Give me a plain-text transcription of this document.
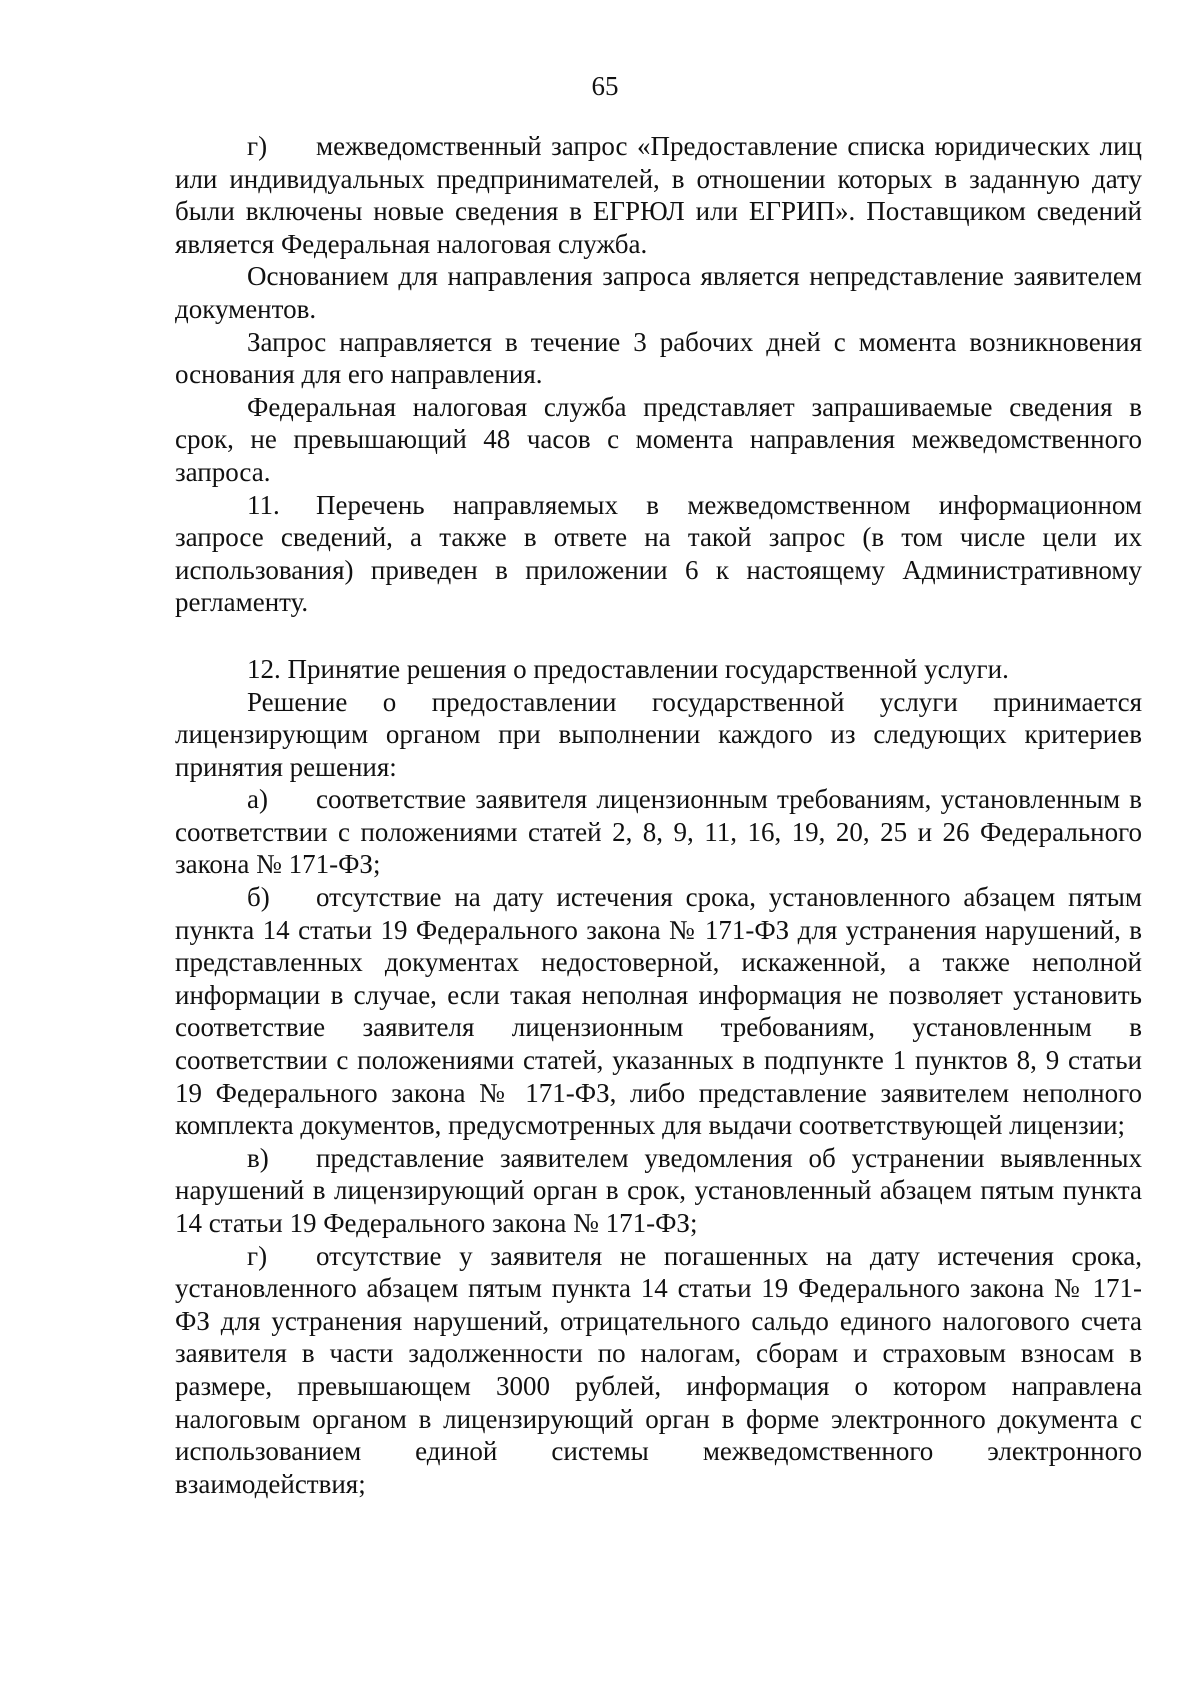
65

г) межведомственный запрос «Предоставление списка юридических лиц или индивидуальных предпринимателей, в отношении которых в заданную дату были включены новые сведения в ЕГРЮЛ или ЕГРИП». Поставщиком сведений является Федеральная налоговая служба.

Основанием для направления запроса является непредставление заявителем документов.

Запрос направляется в течение 3 рабочих дней с момента возникновения основания для его направления.

Федеральная налоговая служба представляет запрашиваемые сведения в срок, не превышающий 48 часов с момента направления межведомственного запроса.

11. Перечень направляемых в межведомственном информационном запросе сведений, а также в ответе на такой запрос (в том числе цели их использования) приведен в приложении 6 к настоящему Административному регламенту.

12. Принятие решения о предоставлении государственной услуги.

Решение о предоставлении государственной услуги принимается лицензирующим органом при выполнении каждого из следующих критериев принятия решения:

а) соответствие заявителя лицензионным требованиям, установленным в соответствии с положениями статей 2, 8, 9, 11, 16, 19, 20, 25 и 26 Федерального закона № 171-ФЗ;

б) отсутствие на дату истечения срока, установленного абзацем пятым пункта 14 статьи 19 Федерального закона № 171-ФЗ для устранения нарушений, в представленных документах недостоверной, искаженной, а также неполной информации в случае, если такая неполная информация не позволяет установить соответствие заявителя лицензионным требованиям, установленным в соответствии с положениями статей, указанных в подпункте 1 пунктов 8, 9 статьи 19 Федерального закона № 171-ФЗ, либо представление заявителем неполного комплекта документов, предусмотренных для выдачи соответствующей лицензии;

в) представление заявителем уведомления об устранении выявленных нарушений в лицензирующий орган в срок, установленный абзацем пятым пункта 14 статьи 19 Федерального закона № 171-ФЗ;

г) отсутствие у заявителя не погашенных на дату истечения срока, установленного абзацем пятым пункта 14 статьи 19 Федерального закона № 171-ФЗ для устранения нарушений, отрицательного сальдо единого налогового счета заявителя в части задолженности по налогам, сборам и страховым взносам в размере, превышающем 3000 рублей, информация о котором направлена налоговым органом в лицензирующий орган в форме электронного документа с использованием единой системы межведомственного электронного взаимодействия;
